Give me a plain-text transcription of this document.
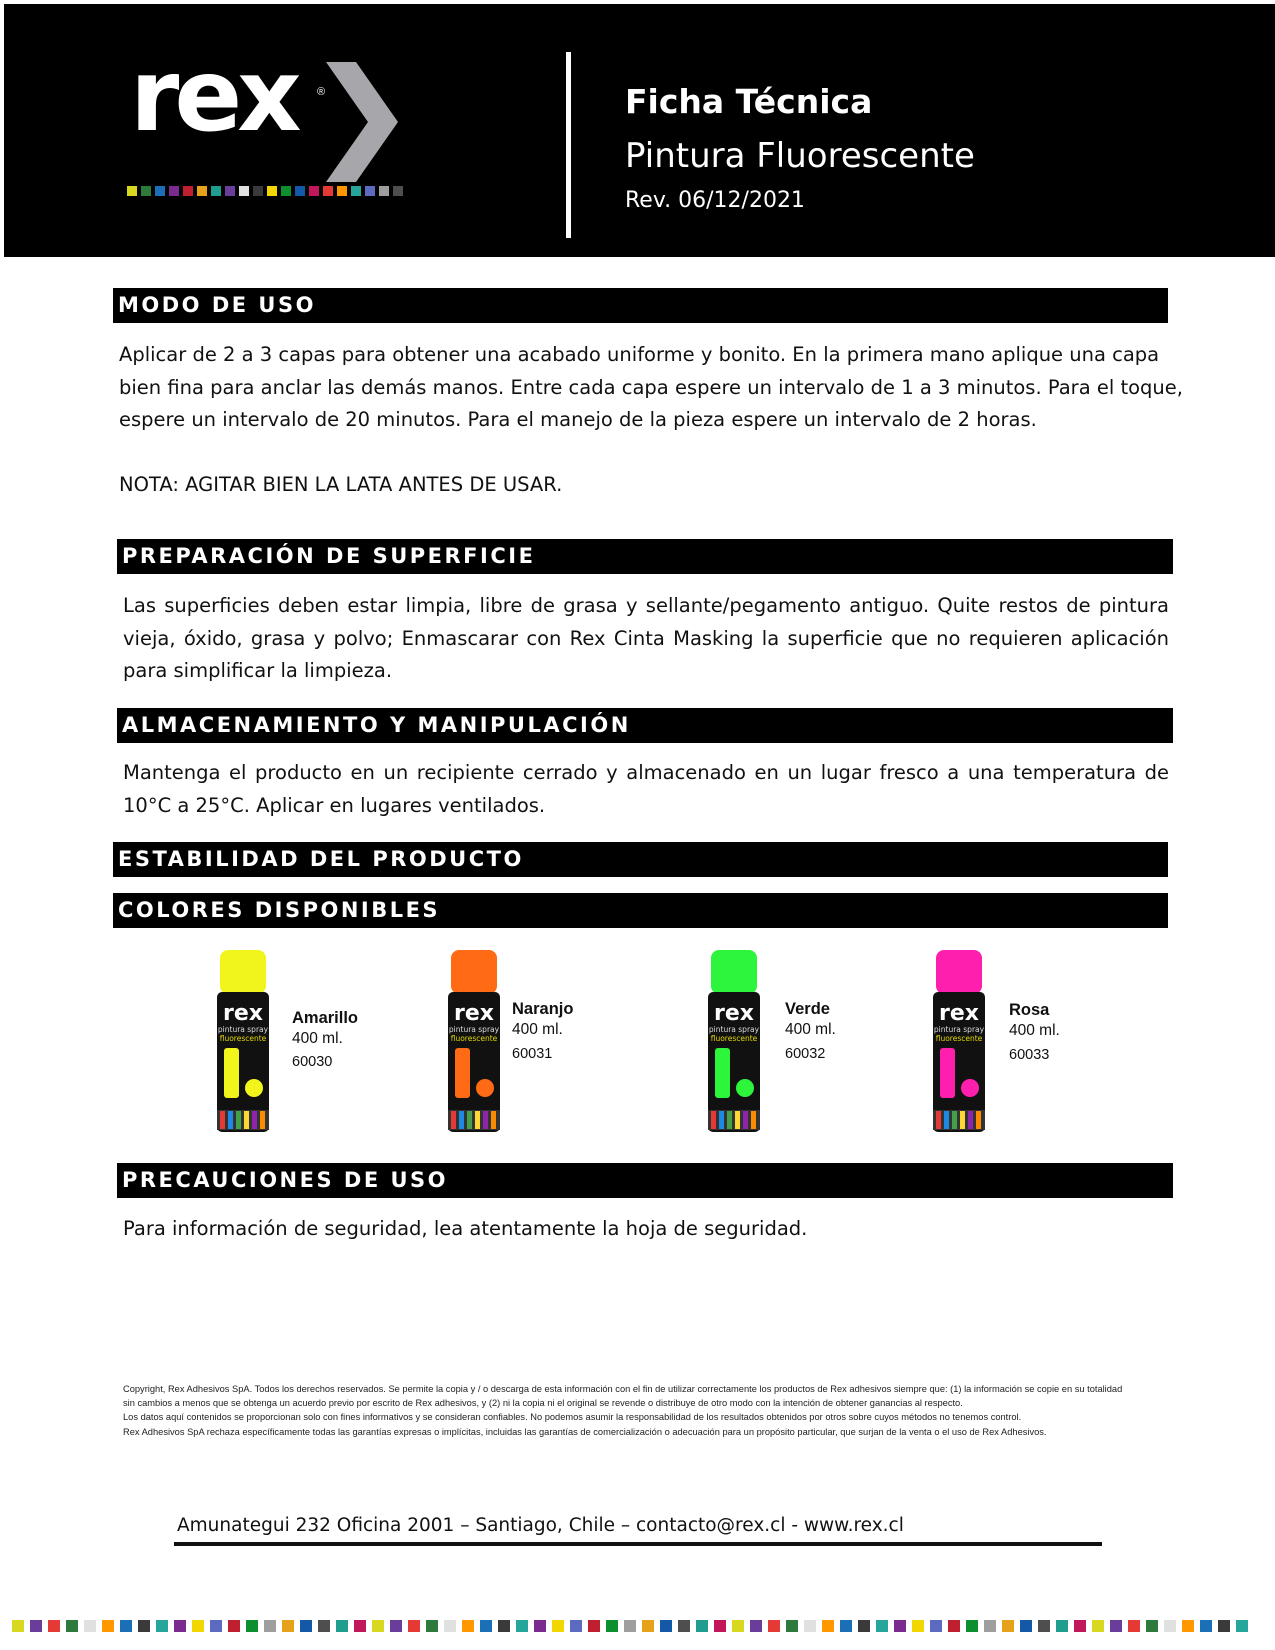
rex ®	Ficha Técnica
Pintura Fluorescente
Rev. 06/12/2021
MODO DE USO
Aplicar de 2 a 3 capas para obtener una acabado uniforme y bonito. En la primera mano aplique una capa
bien fina para anclar las demás manos. Entre cada capa espere un intervalo de 1 a 3 minutos. Para el toque,
espere un intervalo de 20 minutos. Para el manejo de la pieza espere un intervalo de 2 horas.
NOTA: AGITAR BIEN LA LATA ANTES DE USAR.
PREPARACIÓN DE SUPERFICIE
Las superficies deben estar limpia, libre de grasa y sellante/pegamento antiguo. Quite restos de pintura vieja, óxido, grasa y polvo; Enmascarar con Rex Cinta Masking la superficie que no requieren aplicación para simplificar la limpieza.
ALMACENAMIENTO Y MANIPULACIÓN
Mantenga el producto en un recipiente cerrado y almacenado en un lugar fresco a una temperatura de 10°C a 25°C. Aplicar en lugares ventilados.
ESTABILIDAD DEL PRODUCTO
COLORES DISPONIBLES
rex
pintura spray
fluorescente
Amarillo
400 ml.
60030
rex
pintura spray
fluorescente
Naranjo
400 ml.
60031
rex
pintura spray
fluorescente
Verde
400 ml.
60032
rex
pintura spray
fluorescente
Rosa
400 ml.
60033
PRECAUCIONES DE USO
Para información de seguridad, lea atentamente la hoja de seguridad.
Copyright, Rex Adhesivos SpA. Todos los derechos reservados. Se permite la copia y / o descarga de esta información con el fin de utilizar correctamente los productos de Rex adhesivos siempre que: (1) la información se copie en su totalidad
sin cambios a menos que se obtenga un acuerdo previo por escrito de Rex adhesivos, y (2) ni la copia ni el original se revende o distribuye de otro modo con la intención de obtener ganancias al respecto.
Los datos aquí contenidos se proporcionan solo con fines informativos y se consideran confiables. No podemos asumir la responsabilidad de los resultados obtenidos por otros sobre cuyos métodos no tenemos control.
Rex Adhesivos SpA rechaza específicamente todas las garantías expresas o implícitas, incluidas las garantías de comercialización o adecuación para un propósito particular, que surjan de la venta o el uso de Rex Adhesivos.
Amunategui 232 Oficina 2001 – Santiago, Chile – contacto@rex.cl - www.rex.cl
